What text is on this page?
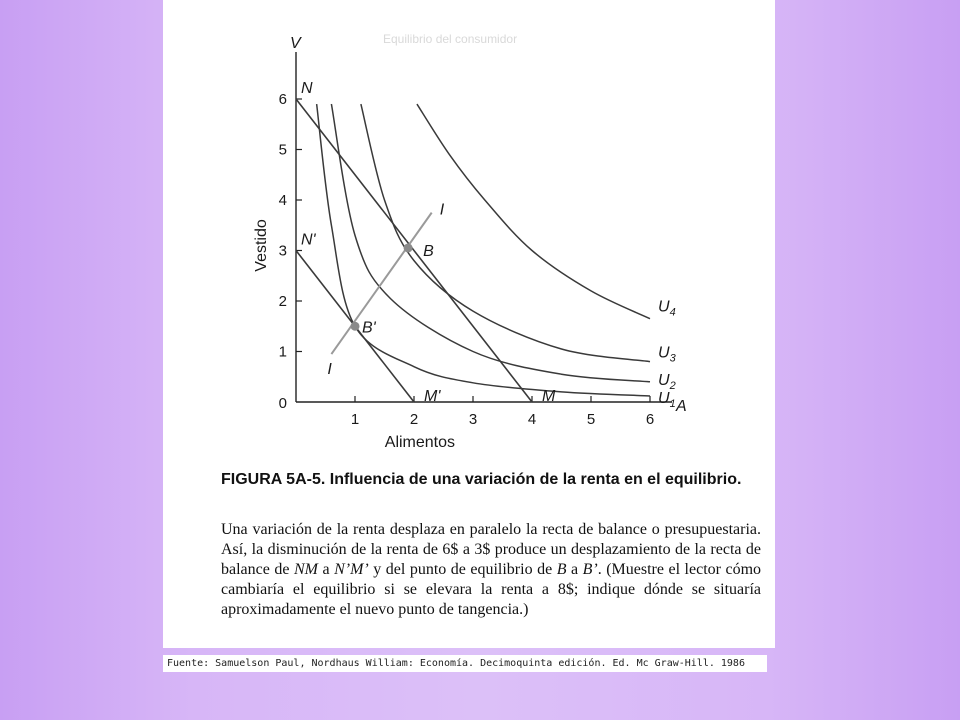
Equilibrio del consumidor
1	2	3	4	5	6
1
2
3
4
5
6
0
V
A
Alimentos
Vestido
$U_1$
$U_2$
$U_3$
$U_4$
N
M
N'
M'
I
I
B
B'
FIGURA 5A-5. Influencia de una variación de la renta en el equilibrio.
Una variación de la renta desplaza en paralelo la recta de balance o presupuestaria. Así, la disminución de la renta de 6$ a 3$ produce un desplazamiento de la recta de balance de NM a N’M’ y del punto de equilibrio de B a B’. (Muestre el lector cómo cambiaría el equilibrio si se elevara la renta a 8$; indique dónde se situaría aproximadamente el nuevo punto de tangencia.)
Fuente: Samuelson Paul, Nordhaus William: Economía. Decimoquinta edición. Ed. Mc Graw-Hill. 1986
